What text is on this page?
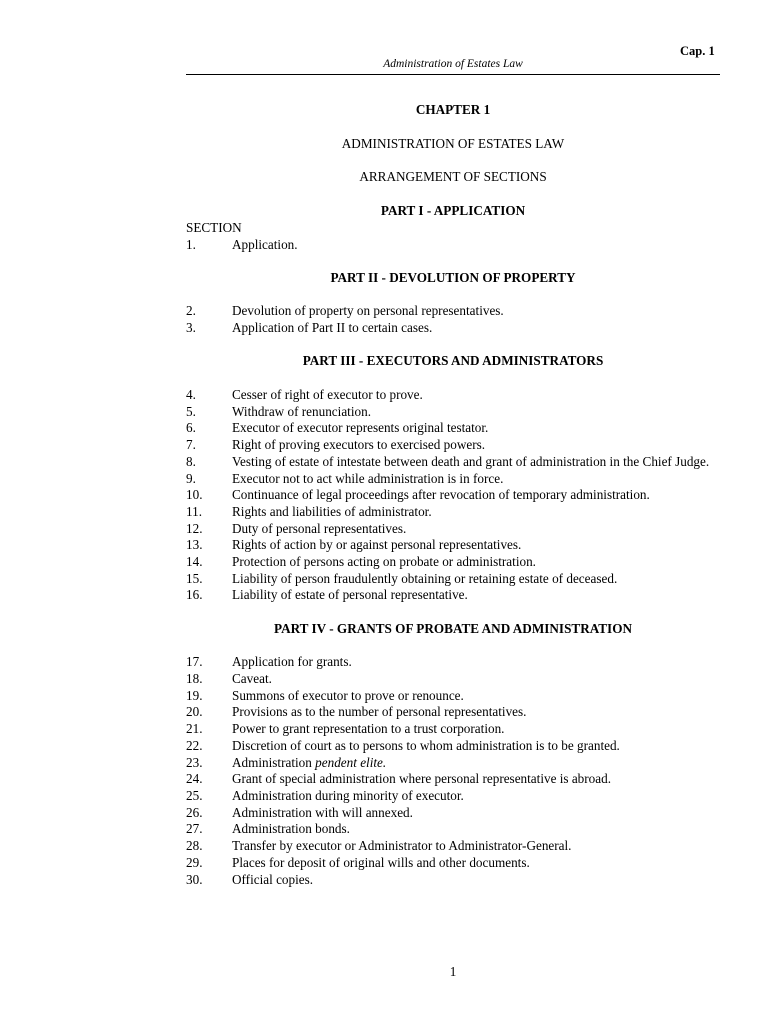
Cap. 1
Administration of Estates Law
CHAPTER 1
ADMINISTRATION OF ESTATES LAW
ARRANGEMENT OF SECTIONS
PART I - APPLICATION
SECTION
1.	Application.
PART II - DEVOLUTION OF PROPERTY
2.	Devolution of property on personal representatives.
3.	Application of Part II to certain cases.
PART III - EXECUTORS AND ADMINISTRATORS
4.	Cesser of right of executor to prove.
5.	Withdraw of renunciation.
6.	Executor of executor represents original testator.
7.	Right of proving executors to exercised powers.
8.	Vesting of estate of intestate between death and grant of administration in the Chief Judge.
9.	Executor not to act while administration is in force.
10.	Continuance of legal proceedings after revocation of temporary administration.
11.	Rights and liabilities of administrator.
12.	Duty of personal representatives.
13.	Rights of action by or against personal representatives.
14.	Protection of persons acting on probate or administration.
15.	Liability of person fraudulently obtaining or retaining estate of deceased.
16.	Liability of estate of personal representative.
PART IV - GRANTS OF PROBATE AND ADMINISTRATION
17.	Application for grants.
18.	Caveat.
19.	Summons of executor to prove or renounce.
20.	Provisions as to the number of personal representatives.
21.	Power to grant representation to a trust corporation.
22.	Discretion of court as to persons to whom administration is to be granted.
23.	Administration pendent elite.
24.	Grant of special administration where personal representative is abroad.
25.	Administration during minority of executor.
26.	Administration with will annexed.
27.	Administration bonds.
28.	Transfer by executor or Administrator to Administrator-General.
29.	Places for deposit of original wills and other documents.
30.	Official copies.
1
